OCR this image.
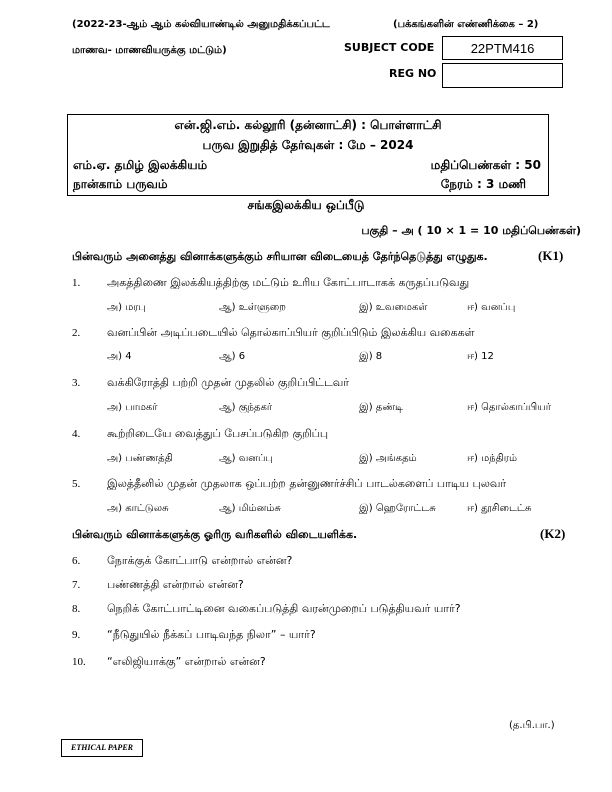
(2022-23-ஆம் ஆம் கல்வியாண்டில் அனுமதிக்கப்பட்ட	(பக்கங்களின் எண்ணிக்கை – 2)
மாணவ- மாணவியருக்கு மட்டும்)	SUBJECT CODE	22PTM416
REG NO
என்.ஜி.எம். கல்லூரி (தன்னாட்சி) : பொள்ளாட்சி
பருவ இறுதித் தேர்வுகள் : மே – 2024
எம்.ஏ. தமிழ் இலக்கியம்	மதிப்பெண்கள் : 50
நான்காம் பருவம்	நேரம் : 3 மணி
சங்கஇலக்கிய ஒப்பீடு
பகுதி – அ ( 10 × 1 = 10 மதிப்பெண்கள்)
பின்வரும் அனைத்து வினாக்களுக்கும் சரியான விடையைத் தேர்ந்தெடுத்து எழுதுக.	(K1)
1. அகத்திணை இலக்கியத்திற்கு மட்டும் உரிய கோட்பாடாகக் கருதப்படுவது
அ) மரபு	ஆ) உள்ளுறை	இ) உவமைகள்	ஈ) வனப்பு
2. வனப்பின் அடிப்படையில் தொல்காப்பியர் குறிப்பிடும் இலக்கிய வகைகள்
அ) 4	ஆ) 6	இ) 8	ஈ) 12
3. வக்கிரோத்தி பற்றி முதன் முதலில் குறிப்பிட்டவர்
அ) பாமகர்	ஆ) குந்தகர்	இ) தண்டி	ஈ) தொல்காப்பியர்
4. கூற்றிடையே வைத்துப் பேசப்படுகிற குறிப்பு
அ) பண்ணத்தி	ஆ) வனப்பு	இ) அங்கதம்	ஈ) மந்திரம்
5. இலத்தீனில் முதன் முதலாக ஒப்பற்ற தன்னுணர்ச்சிப் பாடல்களைப் பாடிய புலவர்
அ) காட்டுலசு	ஆ) மிம்னம்சு	இ) ஹெரோட்டசு	ஈ) தூசிடைட்சு
பின்வரும் வினாக்களுக்கு ஓரிரு வரிகளில் விடையளிக்க.	(K2)
6. நோக்குக் கோட்பாடு என்றால் என்ன?
7. பண்ணத்தி என்றால் என்ன?
8. நெறிக் கோட்பாட்டினை வகைப்படுத்தி வரன்முறைப் படுத்தியவர் யார்?
9. “நீடுதுயில் நீக்கப் பாடிவந்த நிலா” – யார்?
10. “எலிஜியாக்கு” என்றால் என்ன?
(த.பி.பா.)
ETHICAL PAPER
